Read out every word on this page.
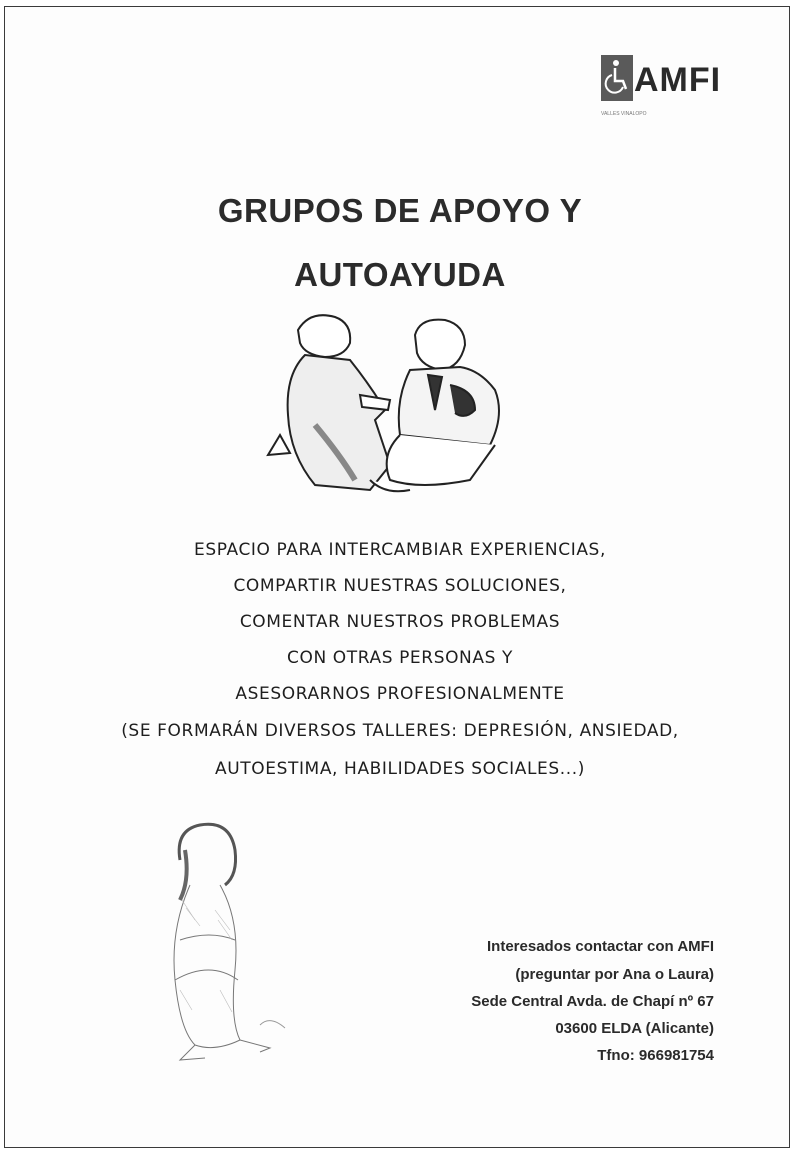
AMFI
VALLES VINALOPO
GRUPOS DE APOYO Y
AUTOAYUDA
ESPACIO PARA INTERCAMBIAR EXPERIENCIAS,
COMPARTIR NUESTRAS SOLUCIONES,
COMENTAR NUESTROS PROBLEMAS
CON OTRAS PERSONAS Y
ASESORARNOS PROFESIONALMENTE
(SE FORMARÁN DIVERSOS TALLERES: DEPRESIÓN, ANSIEDAD,
AUTOESTIMA, HABILIDADES SOCIALES...)
Interesados contactar con AMFI
(preguntar por Ana o Laura)
Sede Central Avda. de Chapí nº 67
03600 ELDA (Alicante)
Tfno: 966981754
